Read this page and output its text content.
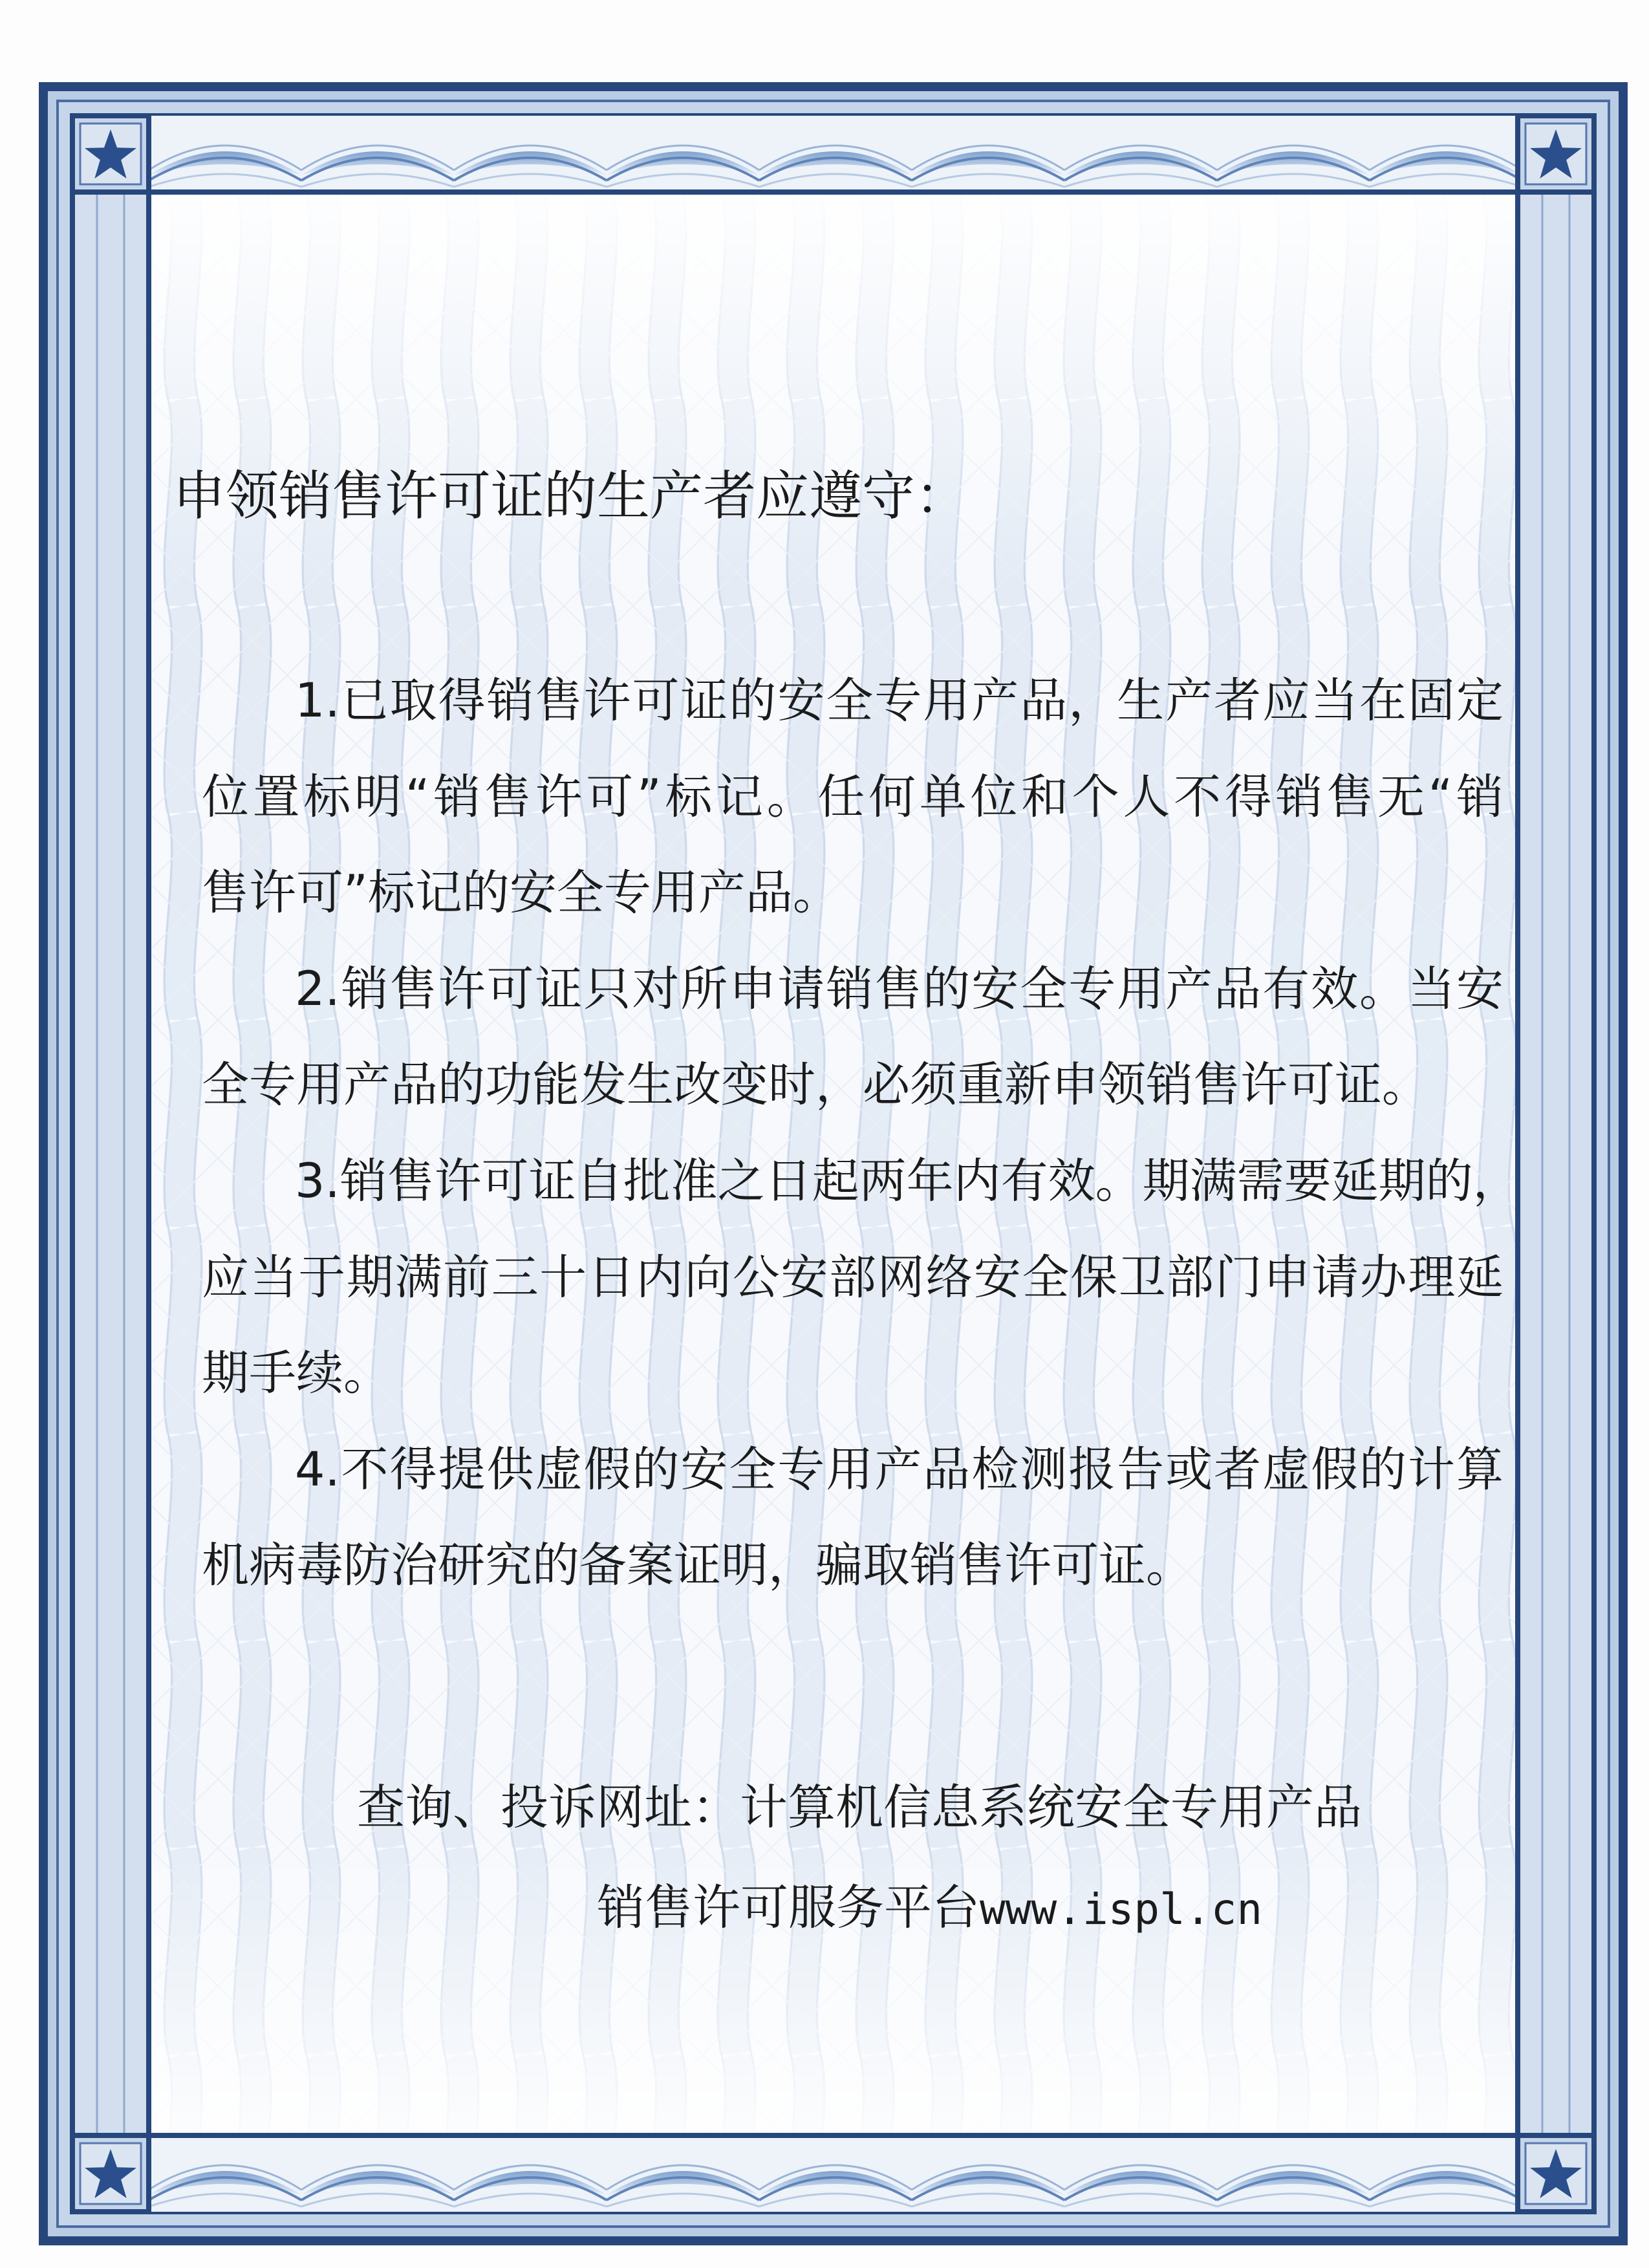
申领销售许可证的生产者应遵守：
1.已取得销售许可证的安全专用产品，生产者应当在固定
位置标明“销售许可”标记。任何单位和个人不得销售无“销
售许可”标记的安全专用产品。
2.销售许可证只对所申请销售的安全专用产品有效。当安
全专用产品的功能发生改变时，必须重新申领销售许可证。
3.销售许可证自批准之日起两年内有效。期满需要延期的，
应当于期满前三十日内向公安部网络安全保卫部门申请办理延
期手续。
4.不得提供虚假的安全专用产品检测报告或者虚假的计算
机病毒防治研究的备案证明，骗取销售许可证。
查询、投诉网址：计算机信息系统安全专用产品
销售许可服务平台www.ispl.cn
